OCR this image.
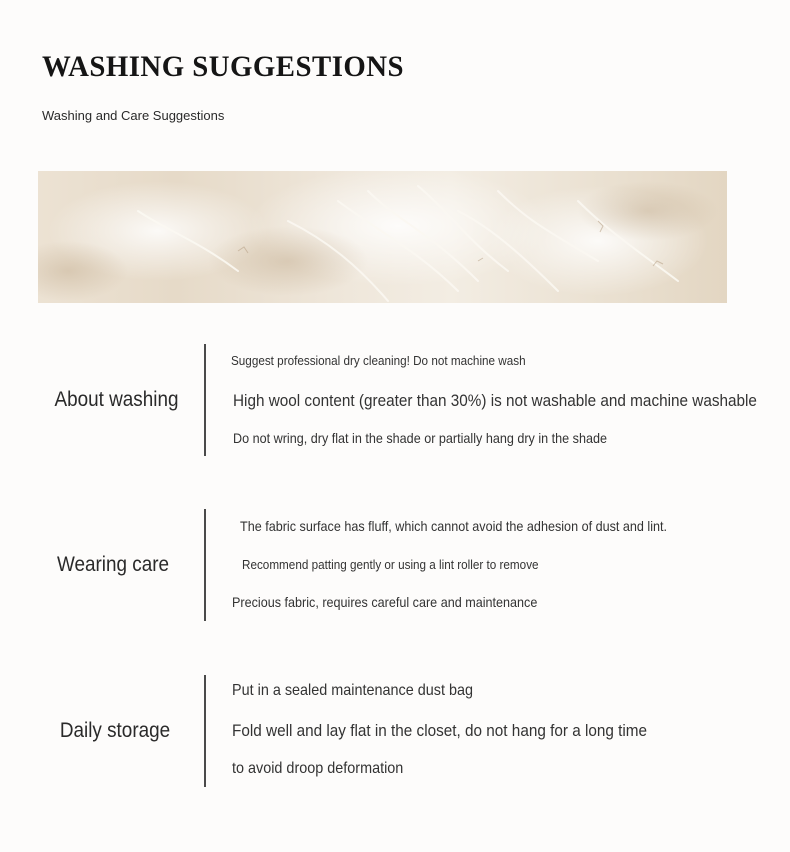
WASHING SUGGESTIONS
Washing and Care Suggestions
About washing
Suggest professional dry cleaning! Do not machine wash
High wool content (greater than 30%) is not washable and machine washable
Do not wring, dry flat in the shade or partially hang dry in the shade
Wearing care
The fabric surface has fluff, which cannot avoid the adhesion of dust and lint.
Recommend patting gently or using a lint roller to remove
Precious fabric, requires careful care and maintenance
Daily storage
Put in a sealed maintenance dust bag
Fold well and lay flat in the closet, do not hang for a long time
to avoid droop deformation
